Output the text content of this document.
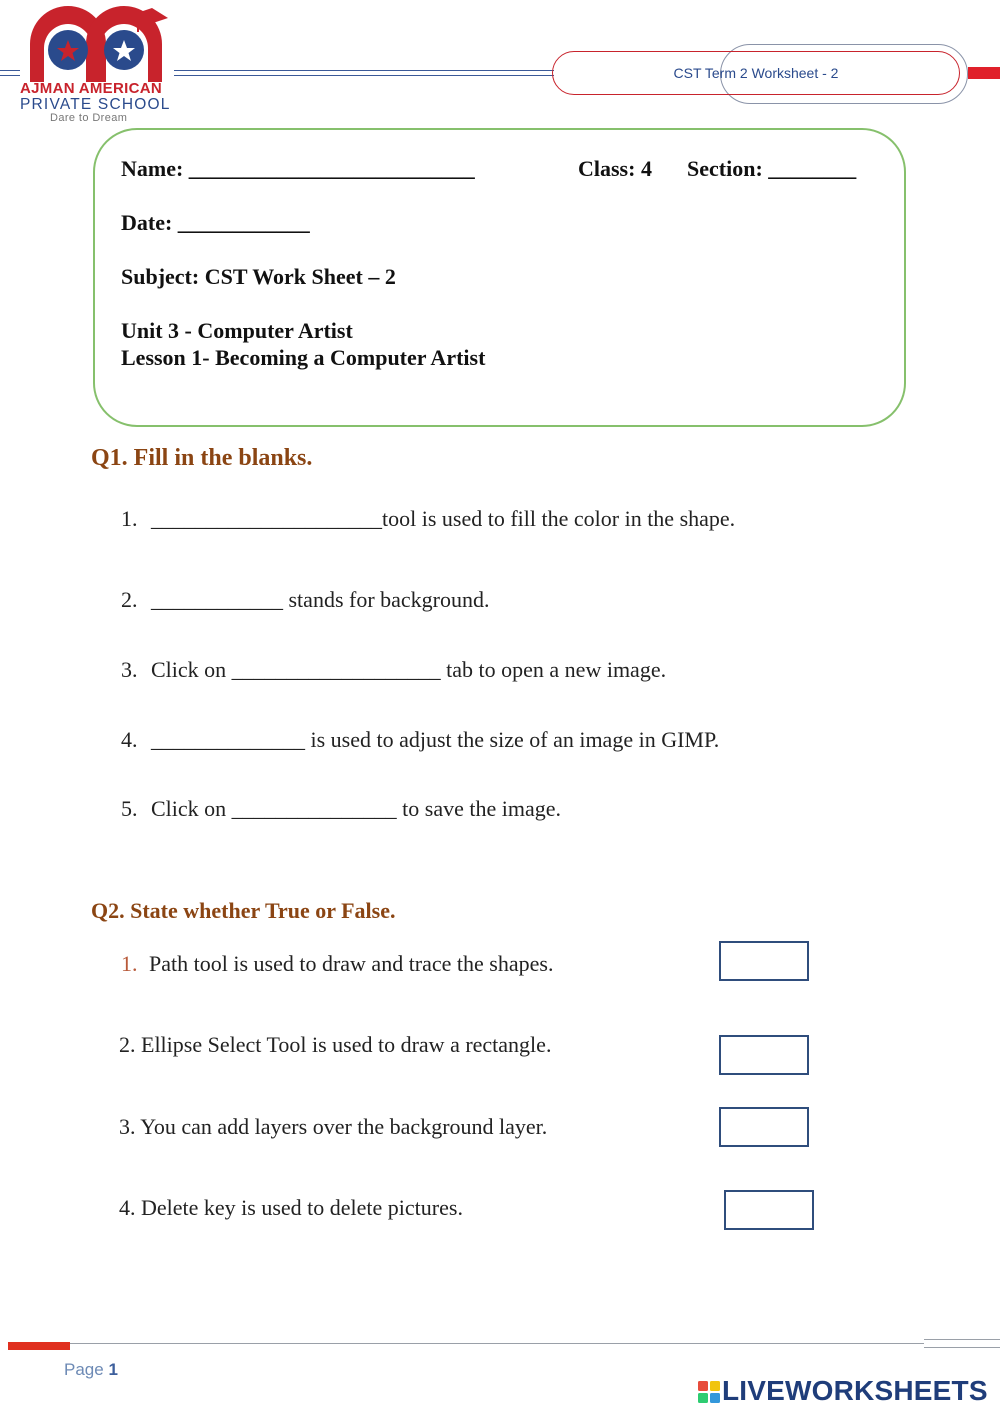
AJMAN AMERICAN
PRIVATE SCHOOL
Dare to Dream
CST Term 2 Worksheet - 2
Name: __________________________	Class: 4 Section: ________
Date: ____________
Subject: CST Work Sheet – 2
Unit 3 - Computer Artist
Lesson 1- Becoming a Computer Artist
Q1. Fill in the blanks.
1. _____________________tool is used to fill the color in the shape.
2. ____________ stands for background.
3. Click on ___________________ tab to open a new image.
4. ______________ is used to adjust the size of an image in GIMP.
5. Click on _______________ to save the image.
Q2. State whether True or False.
1. Path tool is used to draw and trace the shapes.
2. Ellipse Select Tool is used to draw a rectangle.
3. You can add layers over the background layer.
4. Delete key is used to delete pictures.
Page 1
LIVEWORKSHEETS
